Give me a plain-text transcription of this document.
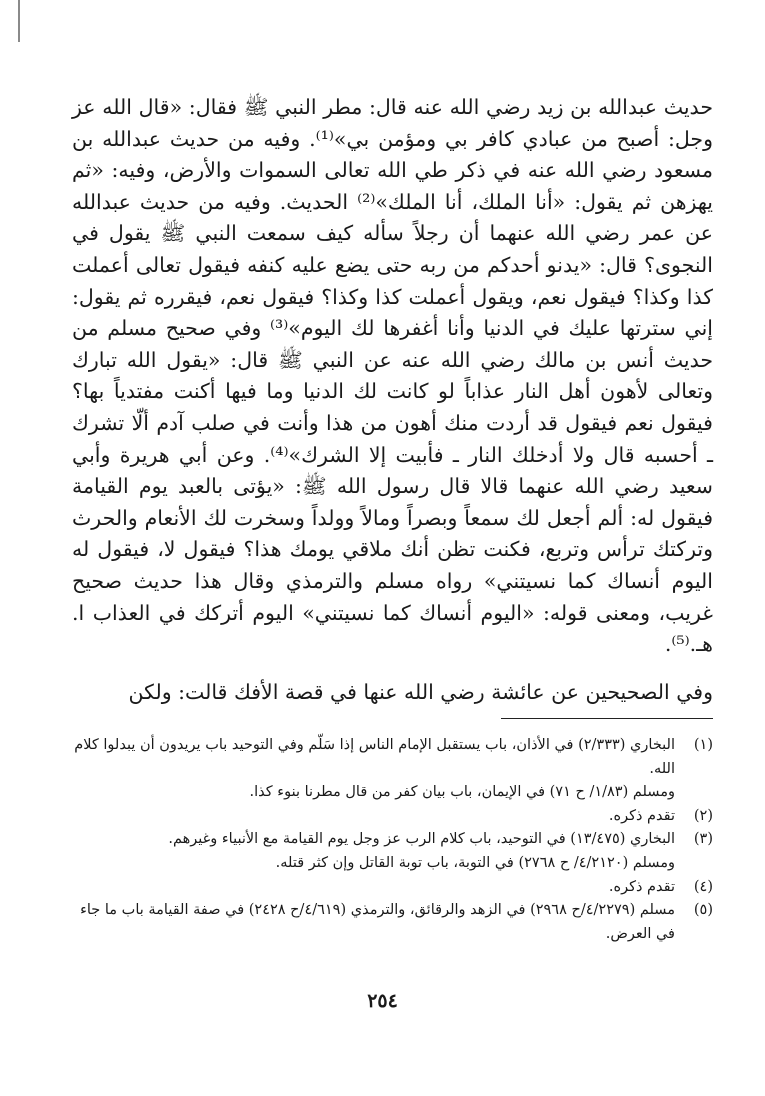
حديث عبدالله بن زيد رضي الله عنه قال: مطر النبي ﷺ فقال: «قال الله عز وجل: أصبح من عبادي كافر بي ومؤمن بي»⁽¹⁾. وفيه من حديث عبدالله بن مسعود رضي الله عنه في ذكر طي الله تعالى السموات والأرض، وفيه: «ثم يهزهن ثم يقول: «أنا الملك، أنا الملك»⁽²⁾ الحديث. وفيه من حديث عبدالله عن عمر رضي الله عنهما أن رجلاً سأله كيف سمعت النبي ﷺ يقول في النجوى؟ قال: «يدنو أحدكم من ربه حتى يضع عليه كنفه فيقول تعالى أعملت كذا وكذا؟ فيقول نعم، ويقول أعملت كذا وكذا؟ فيقول نعم، فيقرره ثم يقول: إني سترتها عليك في الدنيا وأنا أغفرها لك اليوم»⁽³⁾ وفي صحيح مسلم من حديث أنس بن مالك رضي الله عنه عن النبي ﷺ قال: «يقول الله تبارك وتعالى لأهون أهل النار عذاباً لو كانت لك الدنيا وما فيها أكنت مفتدياً بها؟ فيقول نعم فيقول قد أردت منك أهون من هذا وأنت في صلب آدم ألّا تشرك ـ أحسبه قال ولا أدخلك النار ـ فأبيت إلا الشرك»⁽⁴⁾. وعن أبي هريرة وأبي سعيد رضي الله عنهما قالا قال رسول الله ﷺ: «يؤتى بالعبد يوم القيامة فيقول له: ألم أجعل لك سمعاً وبصراً ومالاً وولداً وسخرت لك الأنعام والحرث وتركتك ترأس وتربع، فكنت تظن أنك ملاقي يومك هذا؟ فيقول لا، فيقول له اليوم أنساك كما نسيتني» رواه مسلم والترمذي وقال هذا حديث صحيح غريب، ومعنى قوله: «اليوم أنساك كما نسيتني» اليوم أتركك في العذاب ا. هـ.⁽⁵⁾.

وفي الصحيحين عن عائشة رضي الله عنها في قصة الأفك قالت: ولكن

(١)
البخاري (٢/٣٣٣) في الأذان، باب يستقبل الإمام الناس إذا سَلّم وفي التوحيد باب يريدون أن يبدلوا كلام الله.
ومسلم (١/٨٣/ ح ٧١) في الإيمان، باب بيان كفر من قال مطرنا بنوء كذا.
(٢)
تقدم ذكره.
(٣)
البخاري (١٣/٤٧٥) في التوحيد، باب كلام الرب عز وجل يوم القيامة مع الأنبياء وغيرهم.
ومسلم (٤/٢١٢٠/ ح ٢٧٦٨) في التوبة، باب توبة القاتل وإن كثر قتله.
(٤)
تقدم ذكره.
(٥)
مسلم (٤/٢٢٧٩/ح ٢٩٦٨) في الزهد والرقائق، والترمذي (٤/٦١٩/ح ٢٤٢٨) في صفة القيامة باب ما جاء في العرض.
٢٥٤
